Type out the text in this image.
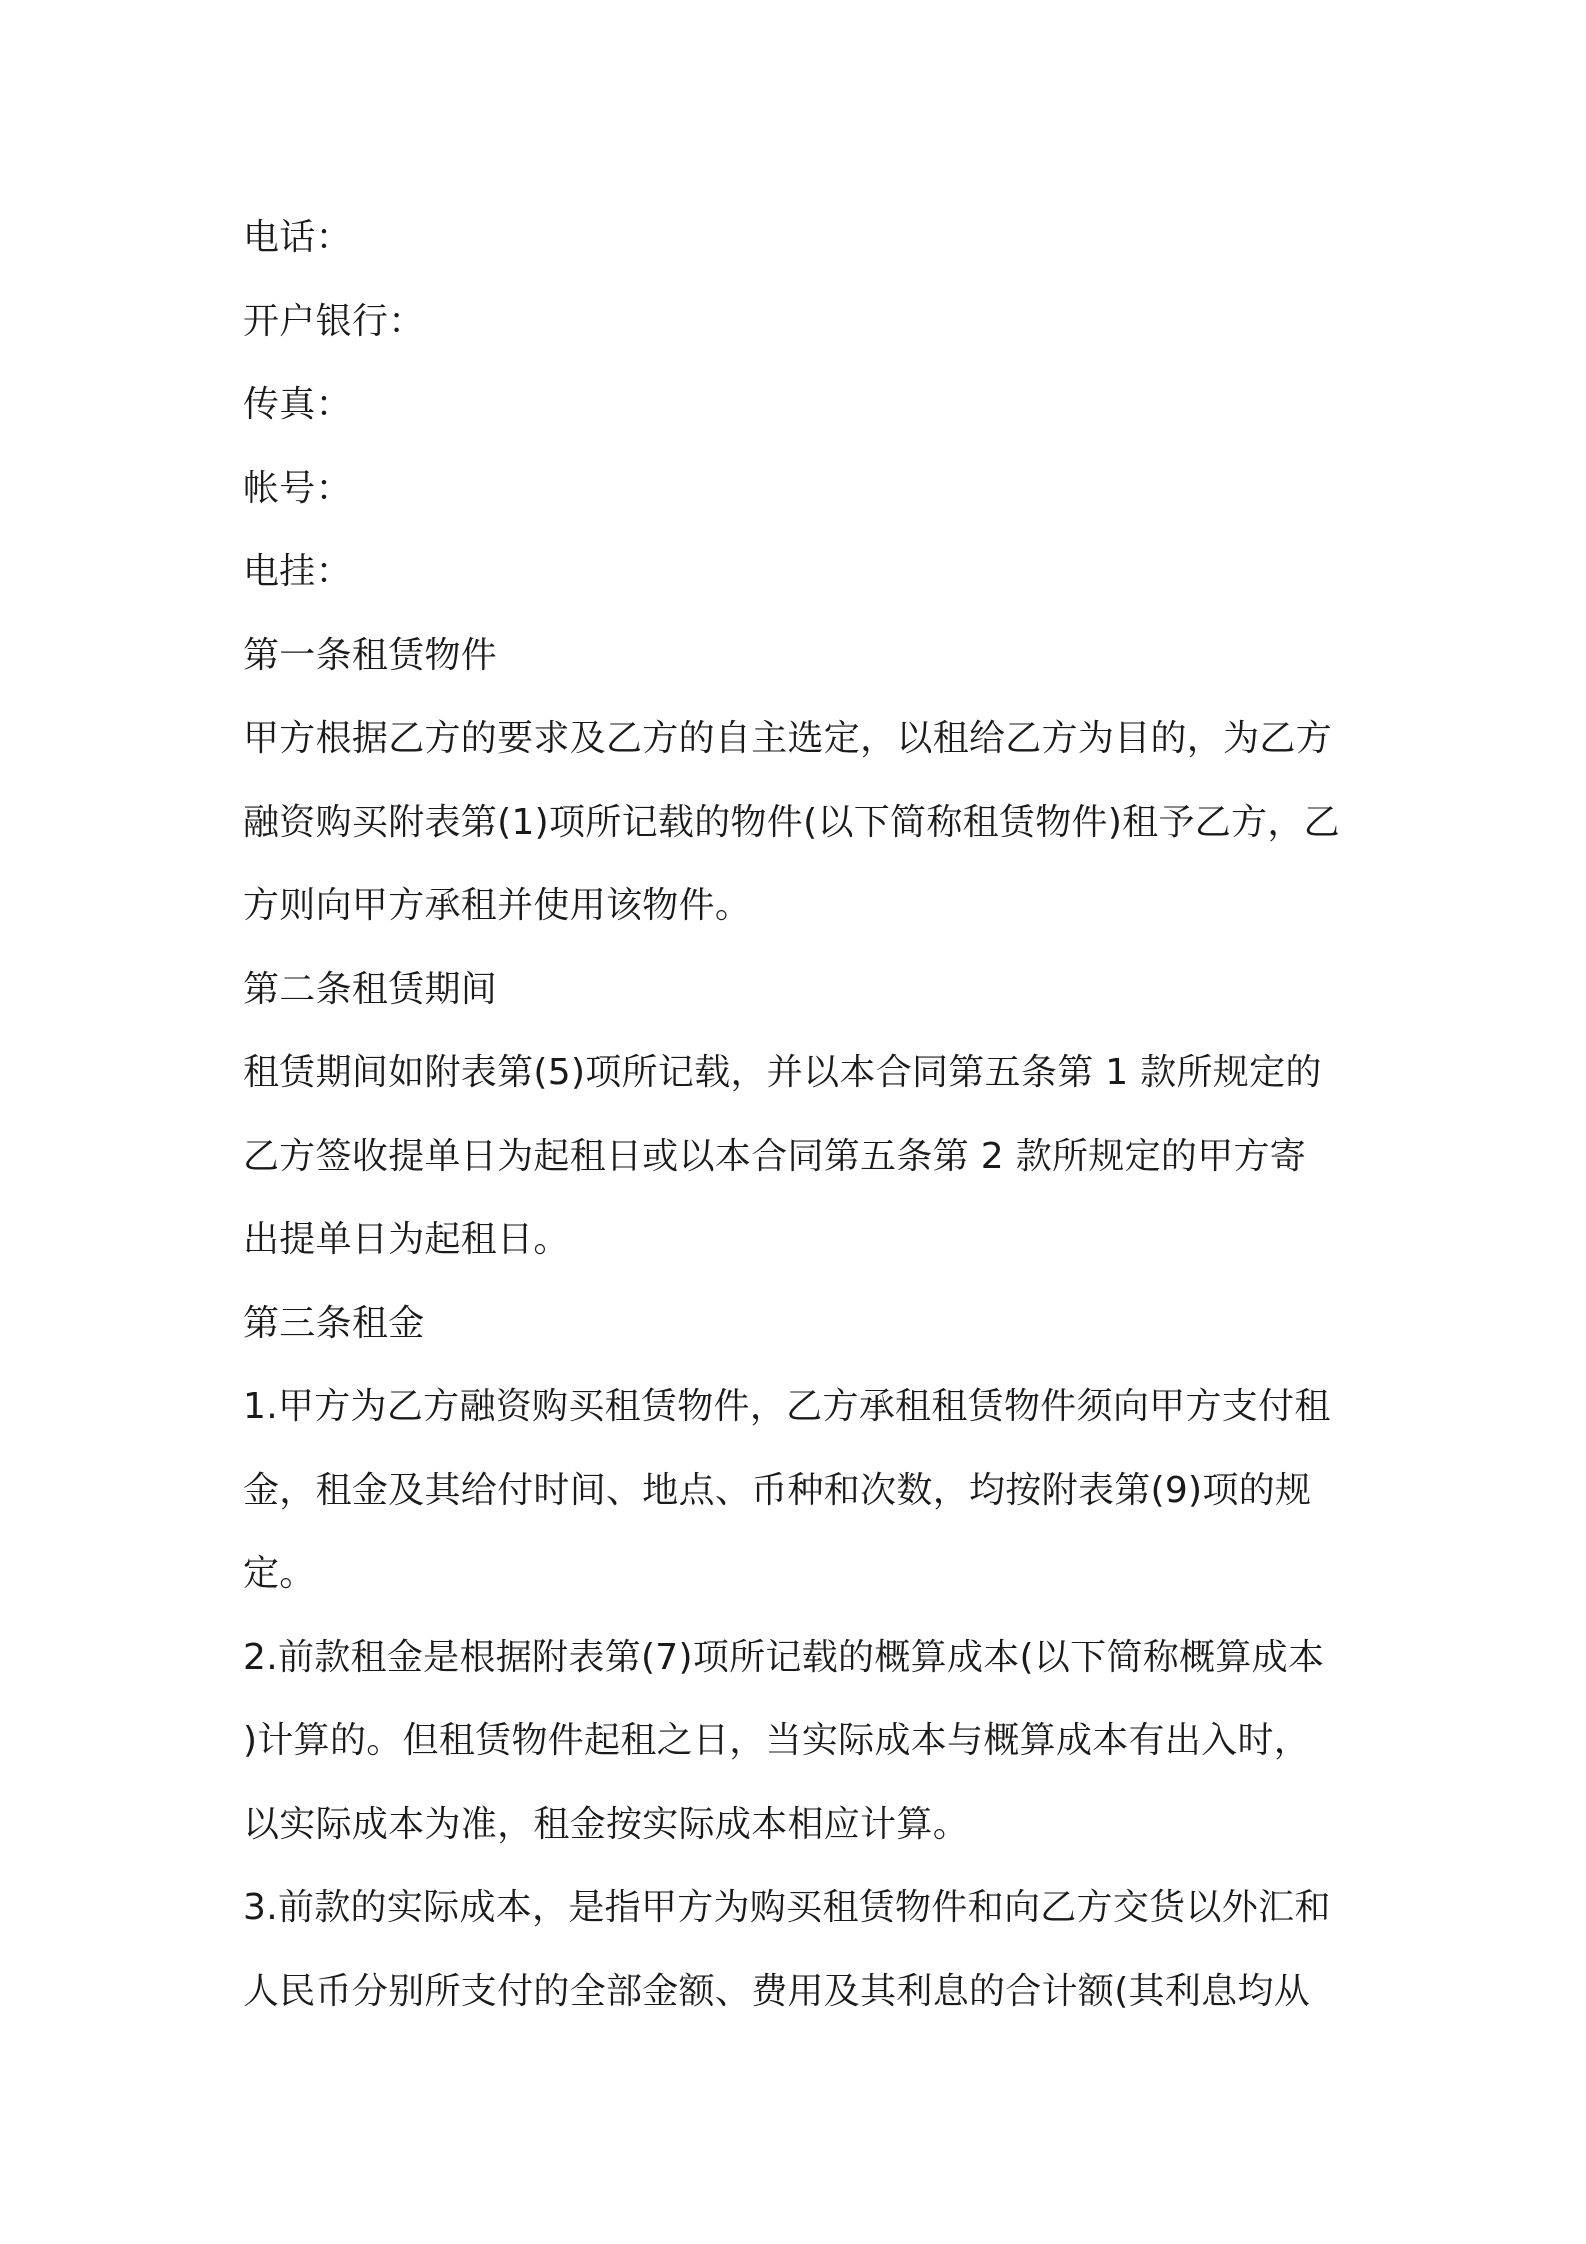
电话：
开户银行：
传真：
帐号：
电挂：
第一条租赁物件
甲方根据乙方的要求及乙方的自主选定，以租给乙方为目的，为乙方
融资购买附表第(1)项所记载的物件(以下简称租赁物件)租予乙方，乙
方则向甲方承租并使用该物件。
第二条租赁期间
租赁期间如附表第(5)项所记载，并以本合同第五条第 1 款所规定的
乙方签收提单日为起租日或以本合同第五条第 2 款所规定的甲方寄
出提单日为起租日。
第三条租金
1.甲方为乙方融资购买租赁物件，乙方承租租赁物件须向甲方支付租
金，租金及其给付时间、地点、币种和次数，均按附表第(9)项的规
定。
2.前款租金是根据附表第(7)项所记载的概算成本(以下简称概算成本
)计算的。但租赁物件起租之日，当实际成本与概算成本有出入时，
以实际成本为准，租金按实际成本相应计算。
3.前款的实际成本，是指甲方为购买租赁物件和向乙方交货以外汇和
人民币分别所支付的全部金额、费用及其利息的合计额(其利息均从
